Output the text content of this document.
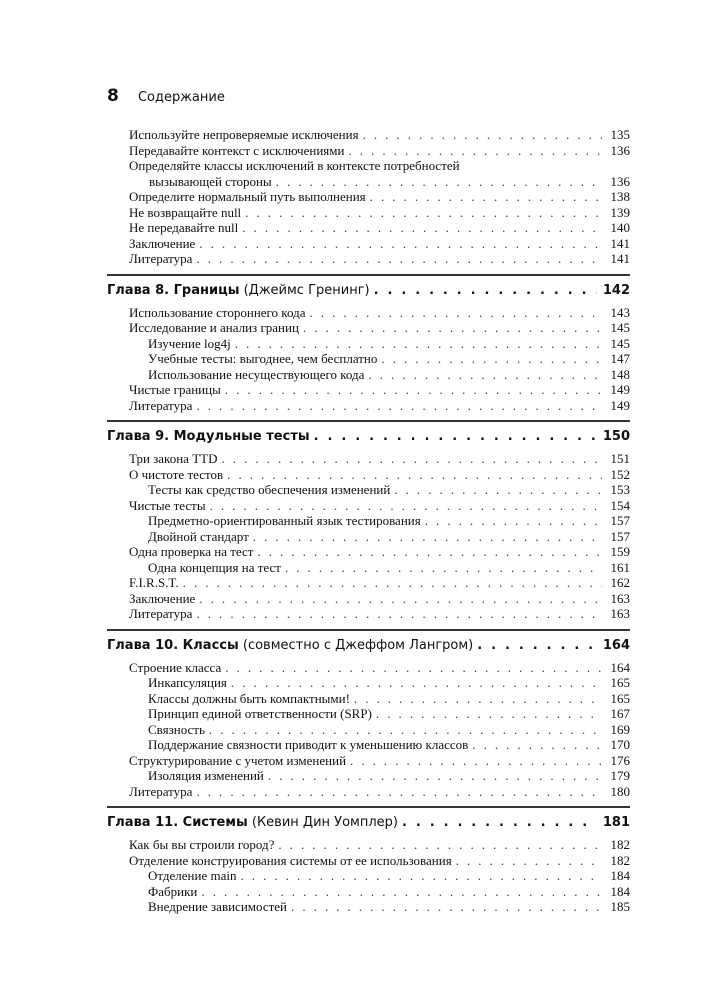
8 Содержание
Используйте непроверяемые исключения . . .	135
Передавайте контекст с исключениями . . .	136
Определяйте классы исключений в контексте потребностей
вызывающей стороны . . .	136
Определите нормальный путь выполнения . . .	138
Не возвращайте null . . .	139
Не передавайте null . . .	140
Заключение . . .	141
Литература . . .	141
Глава 8. Границы (Джеймс Гренинг) . . .	142
Использование стороннего кода . . .	143
Исследование и анализ границ . . .	145
Изучение log4j . . .	145
Учебные тесты: выгоднее, чем бесплатно . . .	147
Использование несуществующего кода . . .	148
Чистые границы . . .	149
Литература . . .	149
Глава 9. Модульные тесты . . .	150
Три закона TTD . . .	151
О чистоте тестов . . .	152
Тесты как средство обеспечения изменений . . .	153
Чистые тесты . . .	154
Предметно-ориентированный язык тестирования . . .	157
Двойной стандарт . . .	157
Одна проверка на тест . . .	159
Одна концепция на тест . . .	161
F.I.R.S.T. . . .	162
Заключение . . .	163
Литература . . .	163
Глава 10. Классы (совместно с Джеффом Лангром) . . .	164
Строение класса . . .	164
Инкапсуляция . . .	165
Классы должны быть компактными! . . .	165
Принцип единой ответственности (SRP) . . .	167
Связность . . .	169
Поддержание связности приводит к уменьшению классов . . .	170
Структурирование с учетом изменений . . .	176
Изоляция изменений . . .	179
Литература . . .	180
Глава 11. Системы (Кевин Дин Уомплер) . . .	181
Как бы вы строили город? . . .	182
Отделение конструирования системы от ее использования . . .	182
Отделение main . . .	184
Фабрики . . .	184
Внедрение зависимостей . . .	185
